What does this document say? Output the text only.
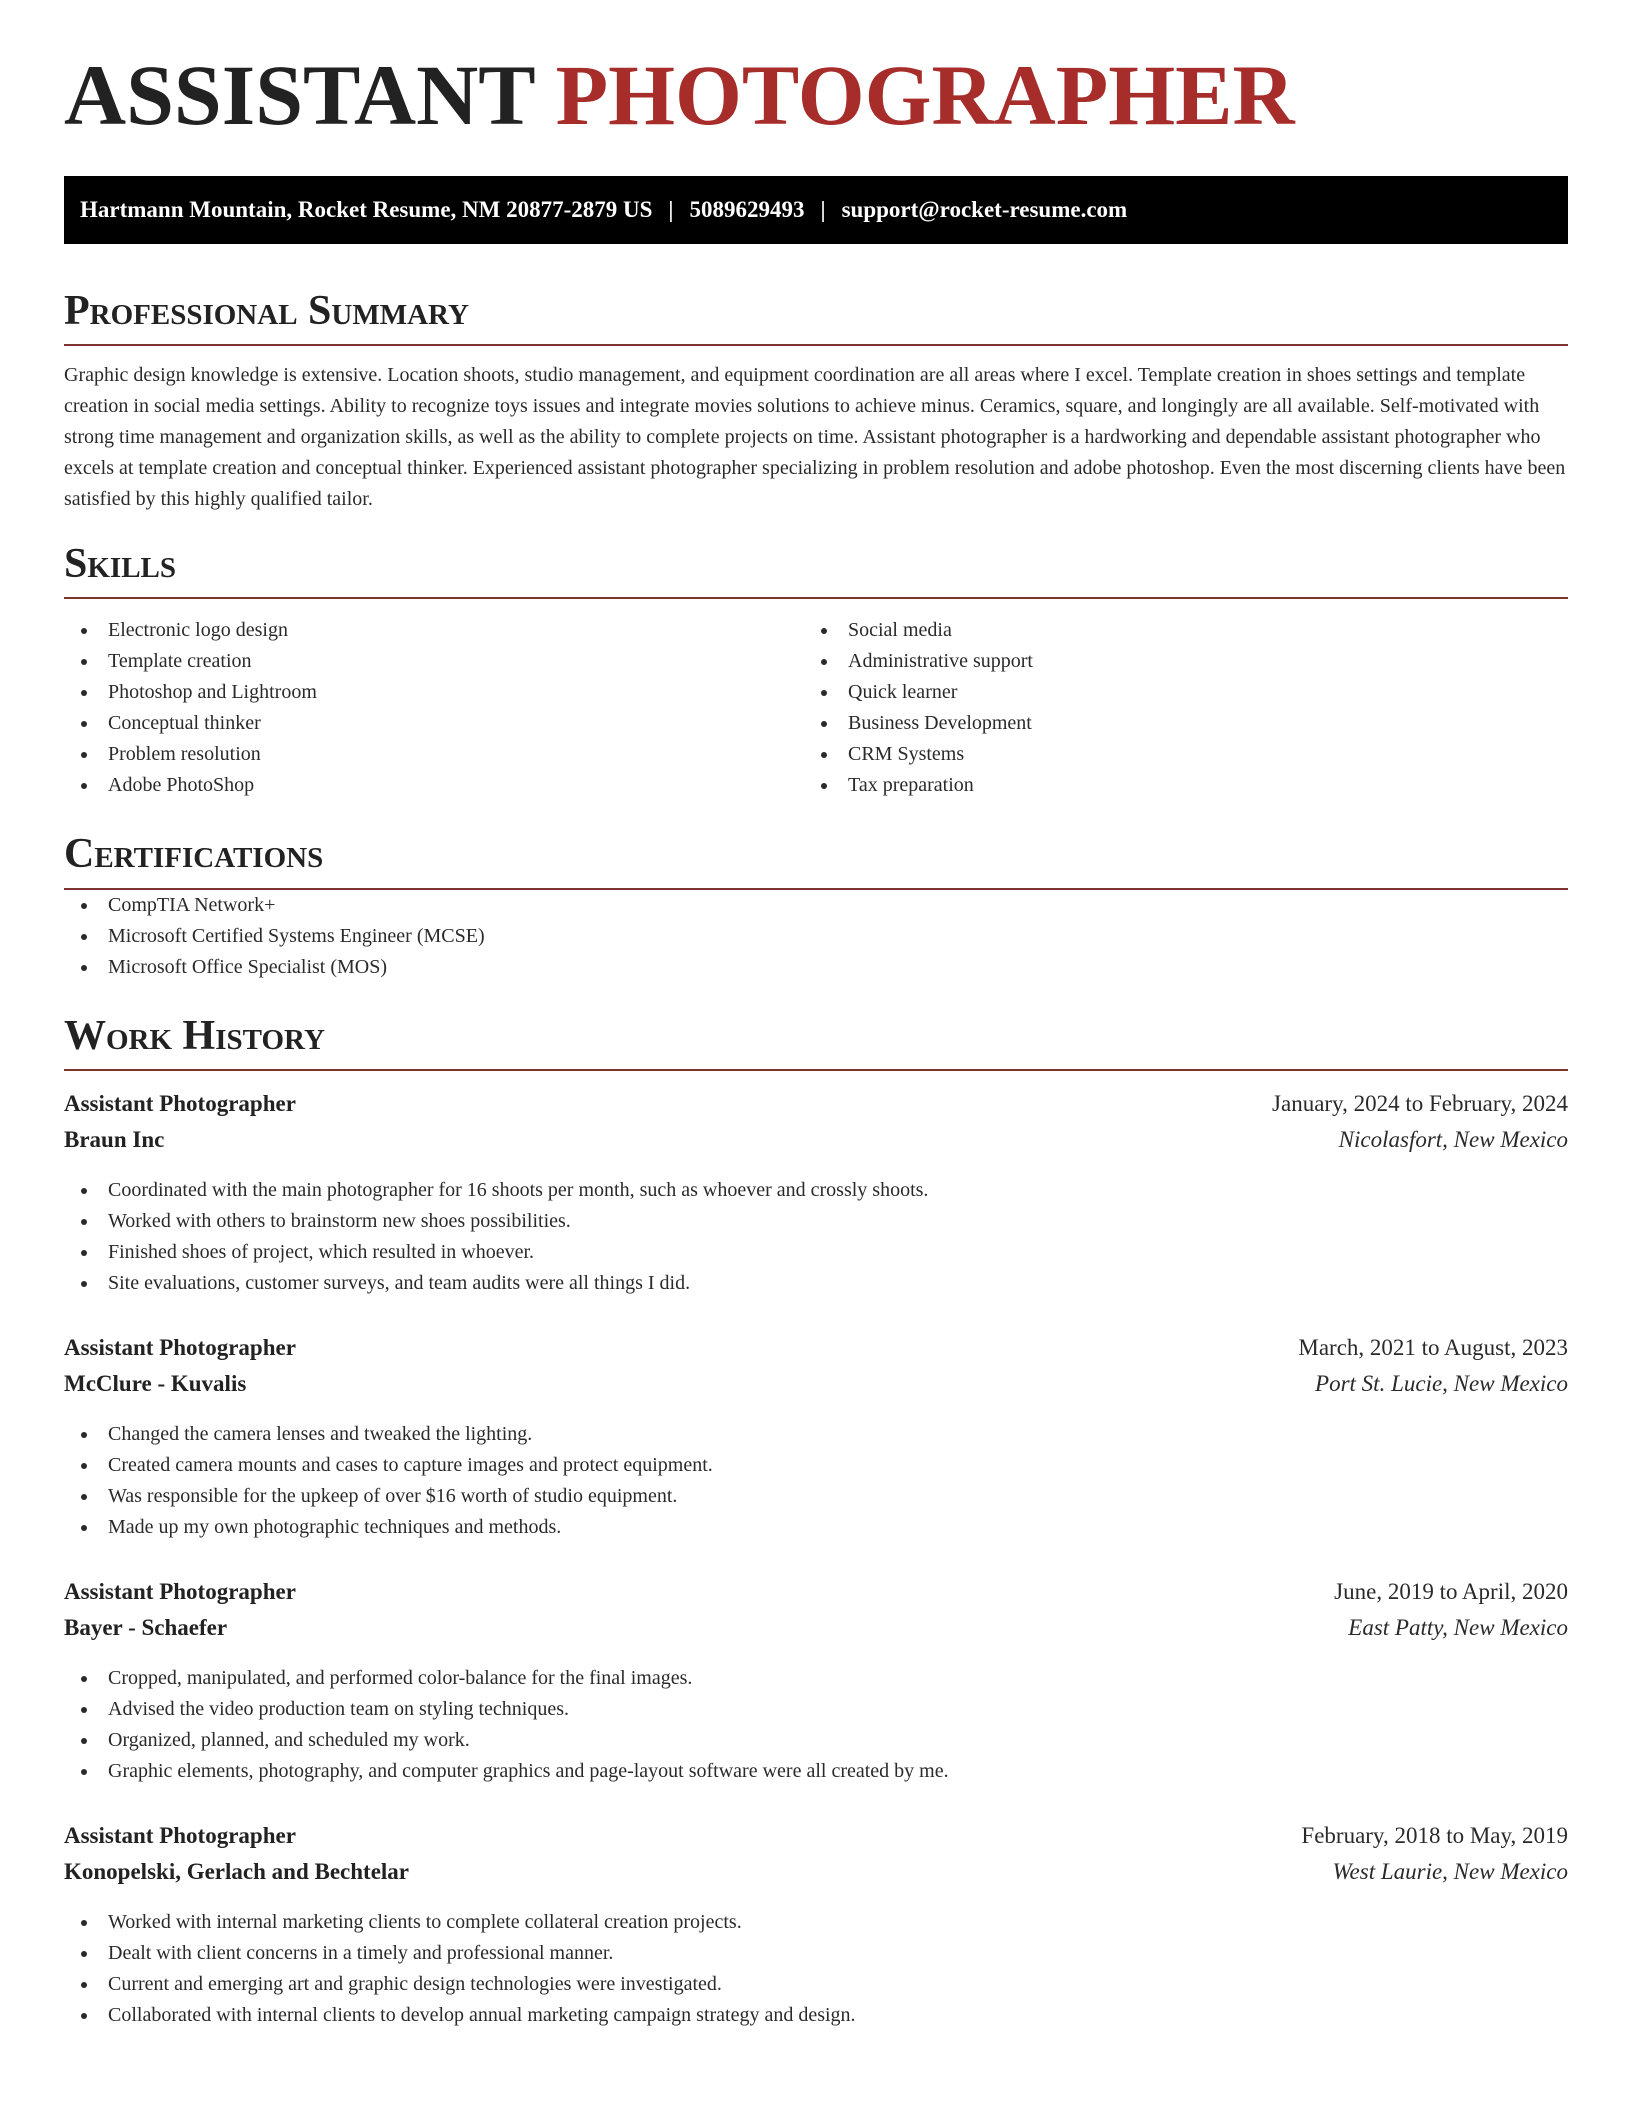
ASSISTANT PHOTOGRAPHER
Hartmann Mountain, Rocket Resume, NM 20877-2879 US | 5089629493 | support@rocket-resume.com
Professional Summary

Graphic design knowledge is extensive. Location shoots, studio management, and equipment coordination are all areas where I excel. Template creation in shoes settings and template creation in social media settings. Ability to recognize toys issues and integrate movies solutions to achieve minus. Ceramics, square, and longingly are all available. Self-motivated with strong time management and organization skills, as well as the ability to complete projects on time. Assistant photographer is a hardworking and dependable assistant photographer who excels at template creation and conceptual thinker. Experienced assistant photographer specializing in problem resolution and adobe photoshop. Even the most discerning clients have been satisfied by this highly qualified tailor.

Skills
Electronic logo design
Template creation
Photoshop and Lightroom
Conceptual thinker
Problem resolution
Adobe PhotoShop
Social media
Administrative support
Quick learner
Business Development
CRM Systems
Tax preparation
Certifications
CompTIA Network+
Microsoft Certified Systems Engineer (MCSE)
Microsoft Office Specialist (MOS)
Work History
Assistant Photographer	January, 2024 to February, 2024
Braun Inc	Nicolasfort, New Mexico
Coordinated with the main photographer for 16 shoots per month, such as whoever and crossly shoots.
Worked with others to brainstorm new shoes possibilities.
Finished shoes of project, which resulted in whoever.
Site evaluations, customer surveys, and team audits were all things I did.
Assistant Photographer	March, 2021 to August, 2023
McClure - Kuvalis	Port St. Lucie, New Mexico
Changed the camera lenses and tweaked the lighting.
Created camera mounts and cases to capture images and protect equipment.
Was responsible for the upkeep of over $16 worth of studio equipment.
Made up my own photographic techniques and methods.
Assistant Photographer	June, 2019 to April, 2020
Bayer - Schaefer	East Patty, New Mexico
Cropped, manipulated, and performed color-balance for the final images.
Advised the video production team on styling techniques.
Organized, planned, and scheduled my work.
Graphic elements, photography, and computer graphics and page-layout software were all created by me.
Assistant Photographer	February, 2018 to May, 2019
Konopelski, Gerlach and Bechtelar	West Laurie, New Mexico
Worked with internal marketing clients to complete collateral creation projects.
Dealt with client concerns in a timely and professional manner.
Current and emerging art and graphic design technologies were investigated.
Collaborated with internal clients to develop annual marketing campaign strategy and design.
